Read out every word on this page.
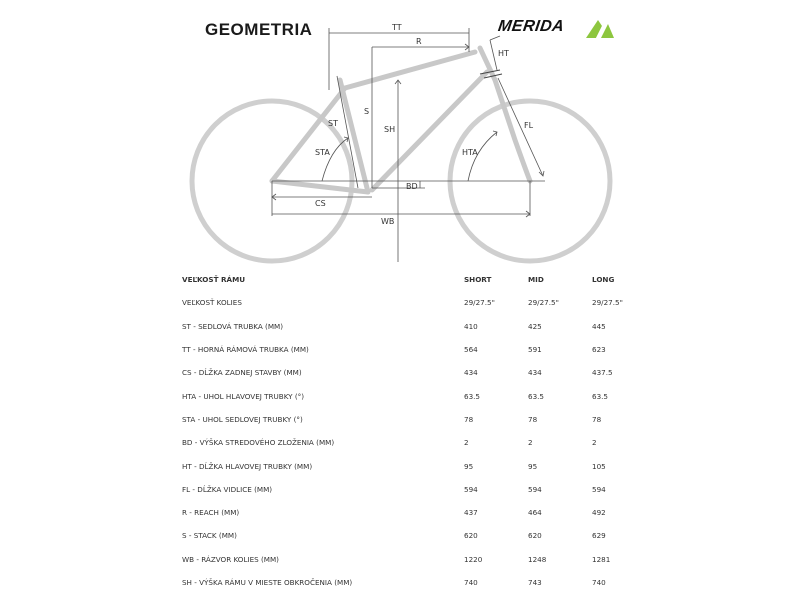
GEOMETRIA	MERIDA
TT
R
HT
ST
S
SH
STA	HTA
FL
BD
CS
WB
VEĽKOSŤ RÁMU	SHORT	MID	LONG
VEĽKOSŤ KOLIES	29/27.5"	29/27.5"	29/27.5"
ST - SEDLOVÁ TRUBKA (MM)	410	425	445
TT - HORNÁ RÁMOVÁ TRUBKA (MM)	564	591	623
CS - DĹŽKA ZADNEJ STAVBY (MM)	434	434	437.5
HTA - UHOL HLAVOVEJ TRUBKY (°)	63.5	63.5	63.5
STA - UHOL SEDLOVEJ TRUBKY (°)	78	78	78
BD - VÝŠKA STREDOVÉHO ZLOŽENIA (MM)	2	2	2
HT - DĹŽKA HLAVOVEJ TRUBKY (MM)	95	95	105
FL - DĹŽKA VIDLICE (MM)	594	594	594
R - REACH (MM)	437	464	492
S - STACK (MM)	620	620	629
WB - RÁZVOR KOLIES (MM)	1220	1248	1281
SH - VÝŠKA RÁMU V MIESTE OBKROČENIA (MM)	740	743	740
